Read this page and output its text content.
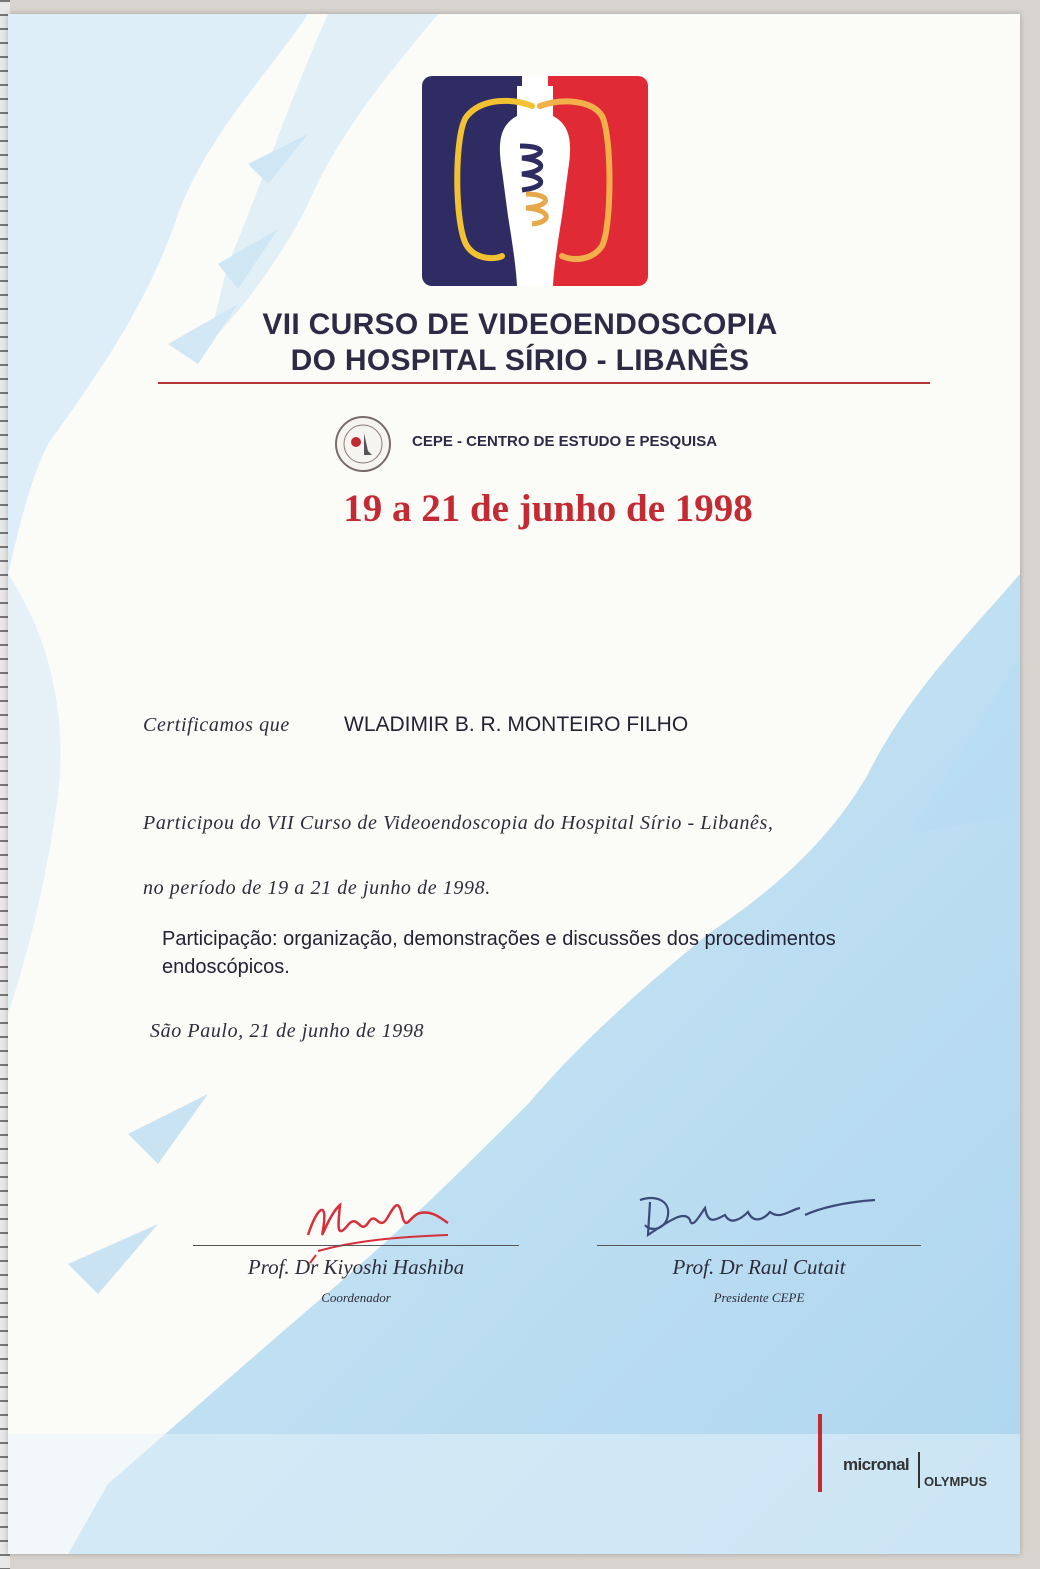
VII CURSO DE VIDEOENDOSCOPIA
DO HOSPITAL SÍRIO - LIBANÊS
CEPE - CENTRO DE ESTUDO E PESQUISA
19 a 21 de junho de 1998
Certificamos que	WLADIMIR B. R. MONTEIRO FILHO
Participou do VII Curso de Videoendoscopia do Hospital Sírio - Libanês,
no período de 19 a 21 de junho de 1998.
Participação: organização, demonstrações e discussões dos procedimentos endoscópicos.
São Paulo, 21 de junho de 1998
Prof. Dr Kiyoshi Hashiba	Prof. Dr Raul Cutait
Coordenador	Presidente CEPE
micronal
OLYMPUS
